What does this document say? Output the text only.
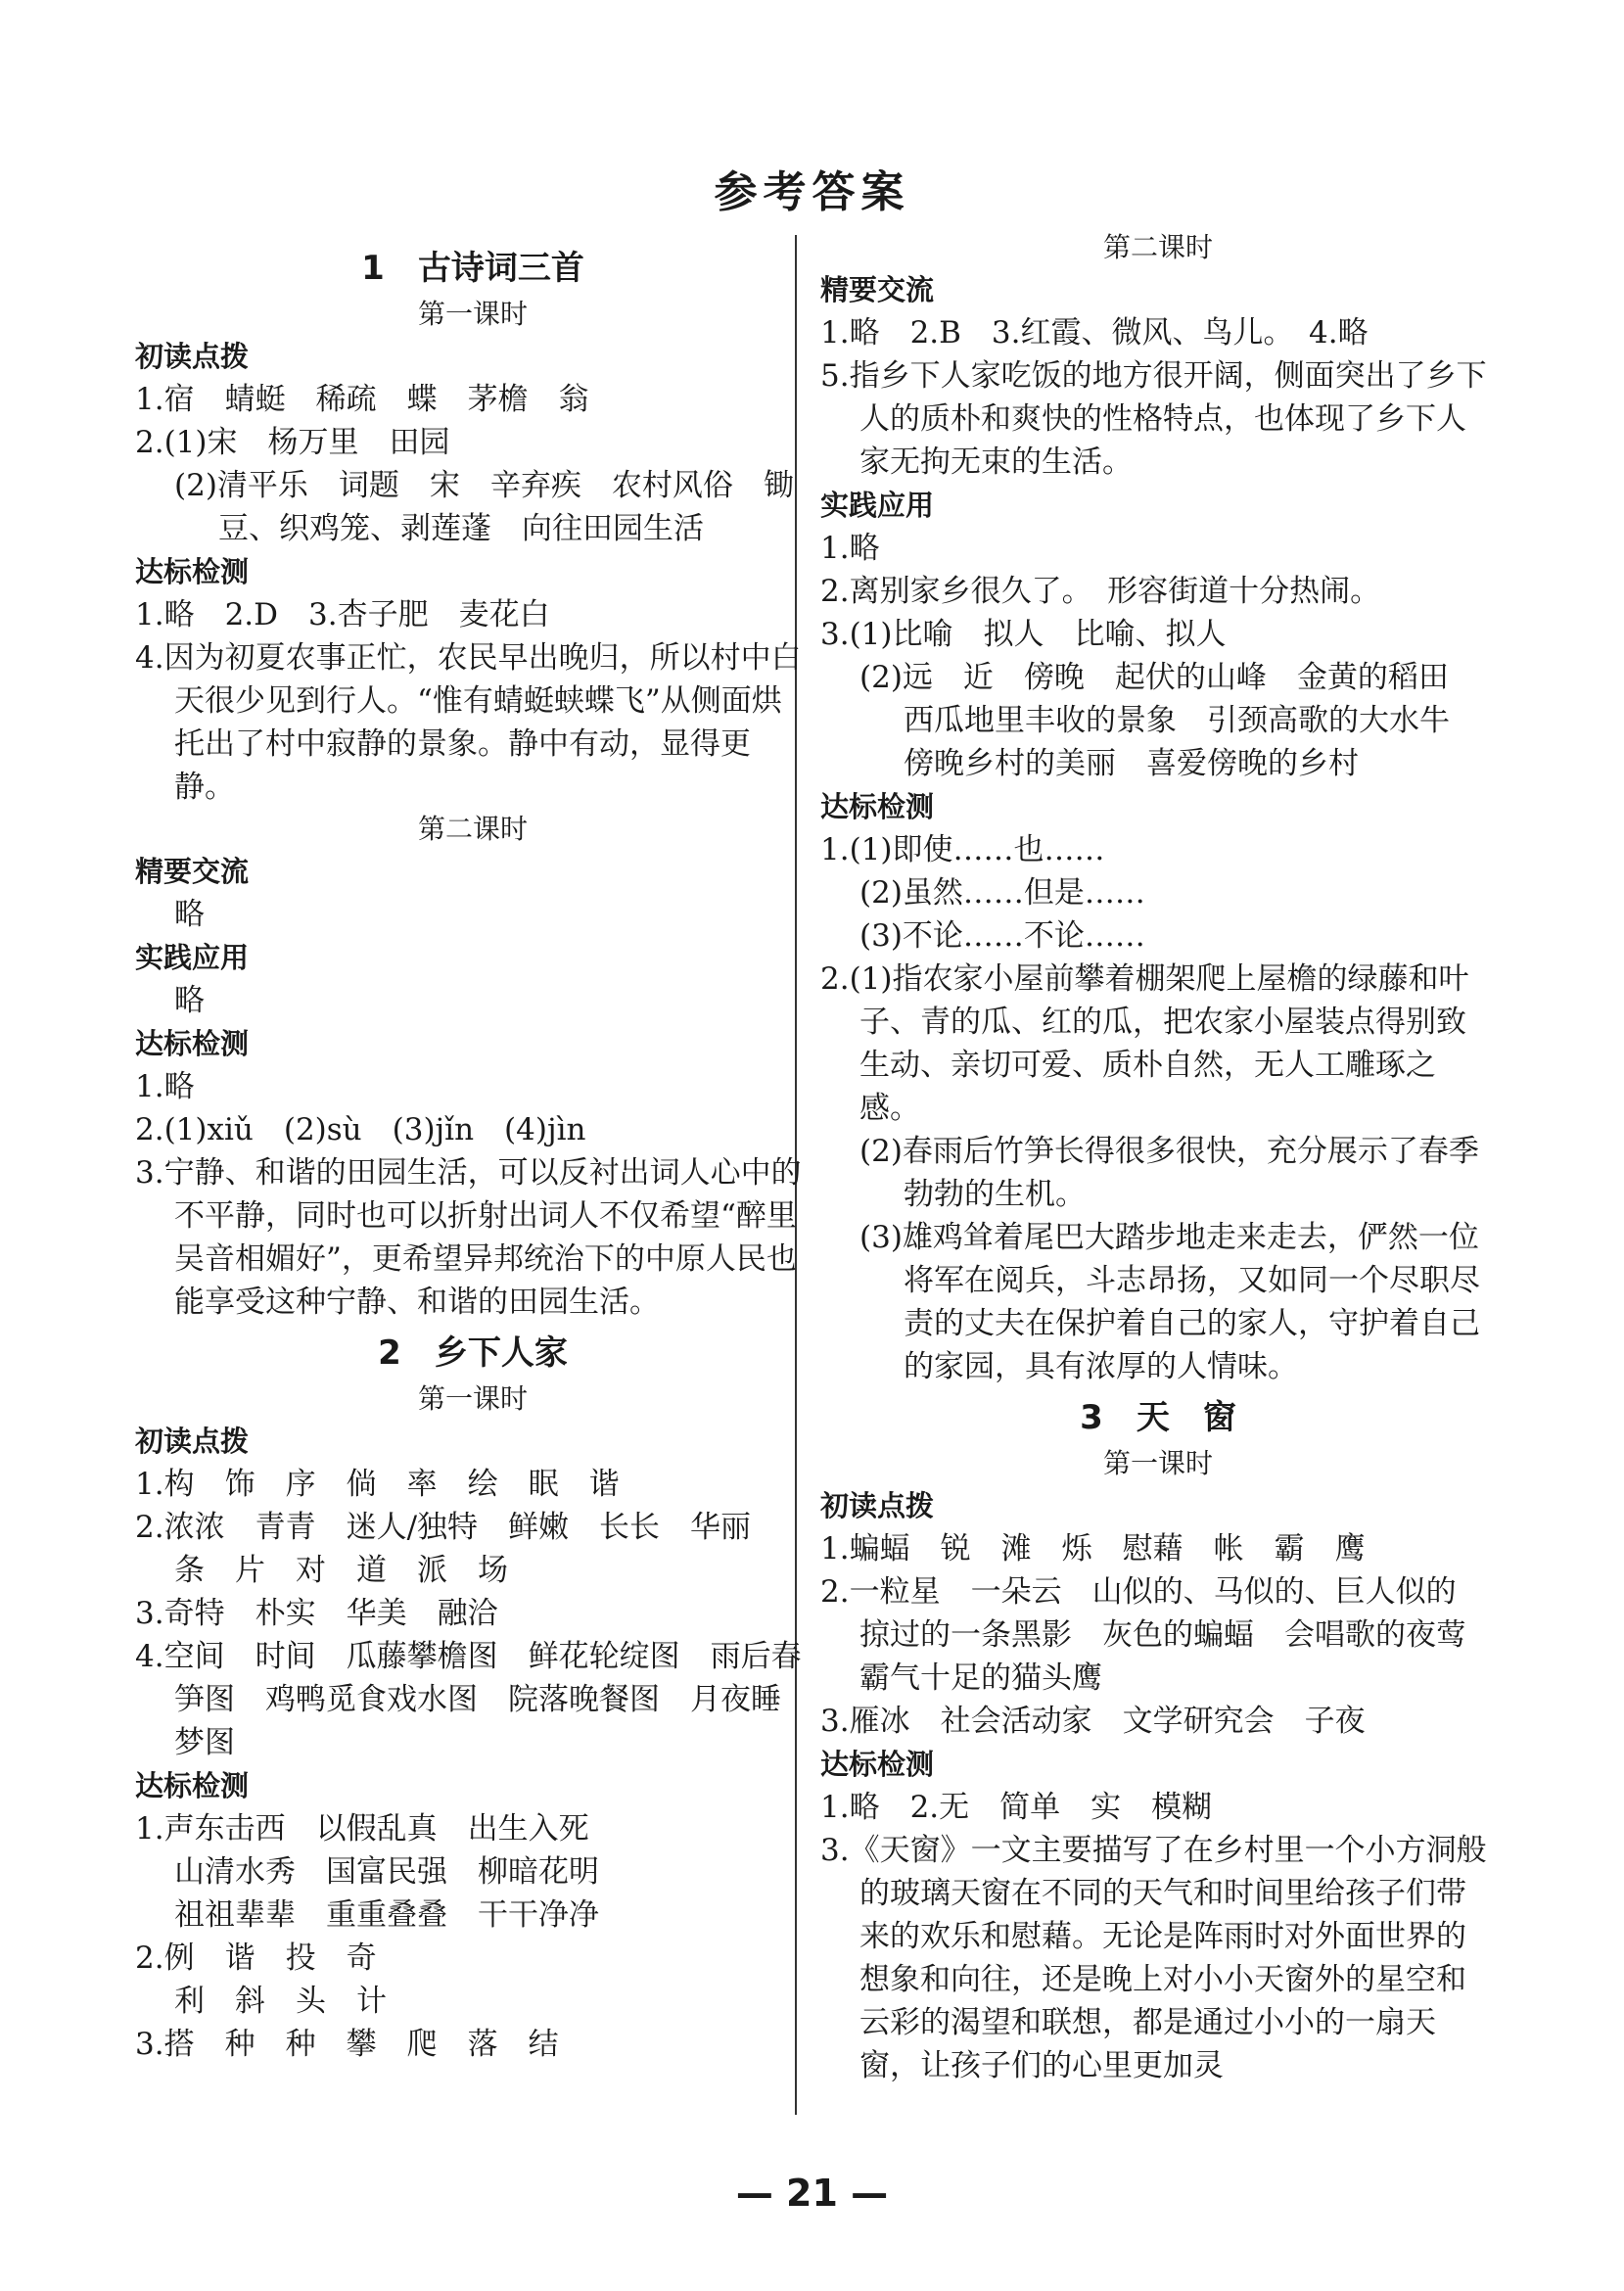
参考答案
1　古诗词三首
第一课时
初读点拨
1.宿　蜻蜓　稀疏　蝶　茅檐　翁
2.(1)宋　杨万里　田园
(2)清平乐　词题　宋　辛弃疾　农村风俗　锄豆、织鸡笼、剥莲蓬　向往田园生活
达标检测
1.略　2.D　3.杏子肥　麦花白
4.因为初夏农事正忙，农民早出晚归，所以村中白天很少见到行人。“惟有蜻蜓蛱蝶飞”从侧面烘托出了村中寂静的景象。静中有动，显得更静。
第二课时
精要交流
略
实践应用
略
达标检测
1.略
2.(1)xiǔ　(2)sù　(3)jǐn　(4)jìn
3.宁静、和谐的田园生活，可以反衬出词人心中的不平静，同时也可以折射出词人不仅希望“醉里吴音相媚好”，更希望异邦统治下的中原人民也能享受这种宁静、和谐的田园生活。
2　乡下人家
第一课时
初读点拨
1.构　饰　序　倘　率　绘　眠　谐
2.浓浓　青青　迷人/独特　鲜嫩　长长　华丽　条　片　对　道　派　场
3.奇特　朴实　华美　融洽
4.空间　时间　瓜藤攀檐图　鲜花轮绽图　雨后春笋图　鸡鸭觅食戏水图　院落晚餐图　月夜睡梦图
达标检测
1.声东击西　以假乱真　出生入死
山清水秀　国富民强　柳暗花明
祖祖辈辈　重重叠叠　干干净净
2.例　谐　投　奇
利　斜　头　计
3.搭　种　种　攀　爬　落　结
第二课时
精要交流
1.略　2.B　3.红霞、微风、鸟儿。　4.略
5.指乡下人家吃饭的地方很开阔，侧面突出了乡下人的质朴和爽快的性格特点，也体现了乡下人家无拘无束的生活。
实践应用
1.略
2.离别家乡很久了。　形容街道十分热闹。
3.(1)比喻　拟人　比喻、拟人
(2)远　近　傍晚　起伏的山峰　金黄的稻田　西瓜地里丰收的景象　引颈高歌的大水牛　傍晚乡村的美丽　喜爱傍晚的乡村
达标检测
1.(1)即使……也……
(2)虽然……但是……
(3)不论……不论……
2.(1)指农家小屋前攀着棚架爬上屋檐的绿藤和叶子、青的瓜、红的瓜，把农家小屋装点得别致生动、亲切可爱、质朴自然，无人工雕琢之感。
(2)春雨后竹笋长得很多很快，充分展示了春季勃勃的生机。
(3)雄鸡耸着尾巴大踏步地走来走去，俨然一位将军在阅兵，斗志昂扬，又如同一个尽职尽责的丈夫在保护着自己的家人，守护着自己的家园，具有浓厚的人情味。
3　天　窗
第一课时
初读点拨
1.蝙蝠　锐　滩　烁　慰藉　帐　霸　鹰
2.一粒星　一朵云　山似的、马似的、巨人似的　掠过的一条黑影　灰色的蝙蝠　会唱歌的夜莺　霸气十足的猫头鹰
3.雁冰　社会活动家　文学研究会　子夜
达标检测
1.略　2.无　简单　实　模糊
3.《天窗》一文主要描写了在乡村里一个小方洞般的玻璃天窗在不同的天气和时间里给孩子们带来的欢乐和慰藉。无论是阵雨时对外面世界的想象和向往，还是晚上对小小天窗外的星空和云彩的渴望和联想，都是通过小小的一扇天窗，让孩子们的心里更加灵
— 21 —
